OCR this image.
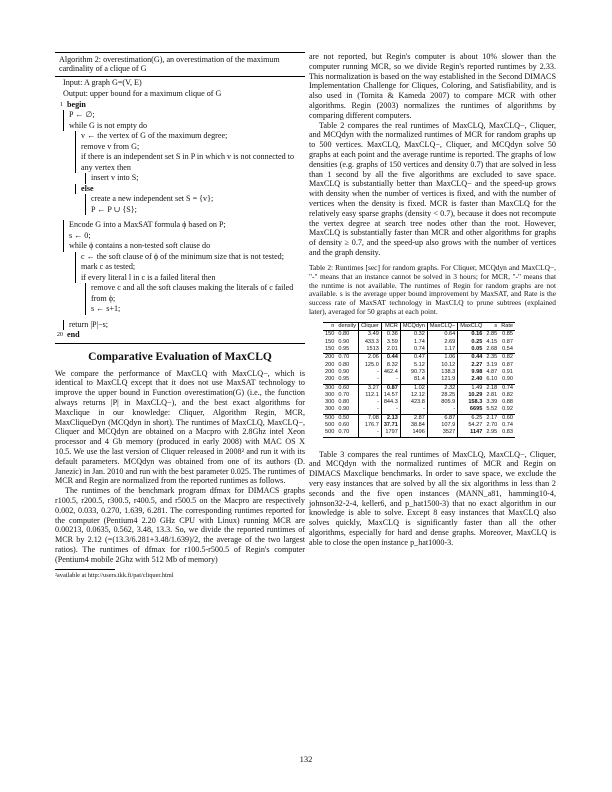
Algorithm 2: overestimation(G), an overestimation of the maximum cardinality of a clique of G
Input: A graph G=(V, E)
Output: upper bound for a maximum clique of G
1 begin
P ← ∅;
while G is not empty do
v ← the vertex of G of the maximum degree;
remove v from G;
if there is an independent set S in P in which v is not connected to any vertex then
insert v into S;
else
create a new independent set S = {v};
P ← P ∪ {S};
Encode G into a MaxSAT formula ϕ based on P;
s ← 0;
while ϕ contains a non-tested soft clause do
c ← the soft clause of ϕ of the minimum size that is not tested;
mark c as tested;
if every literal l in c is a failed literal then
remove c and all the soft clauses making the literals of c failed from ϕ;
s ← s+1;
return |P|−s;
20 end
Comparative Evaluation of MaxCLQ

We compare the performance of MaxCLQ with MaxCLQ−, which is identical to MaxCLQ except that it does not use MaxSAT technology to improve the upper bound in Function overestimation(G) (i.e., the function always returns |P| in MaxCLQ−), and the best exact algorithms for Maxclique in our knowledge: Cliquer, Algorithm Regin, MCR, MaxCliqueDyn (MCQdyn in short). The runtimes of MaxCLQ, MaxCLQ−, Cliquer and MCQdyn are obtained on a Macpro with 2.8Ghz intel Xeon processor and 4 Gb memory (produced in early 2008) with MAC OS X 10.5. We use the last version of Cliquer released in 2008² and run it with its default parameters. MCQdyn was obtained from one of its authors (D. Janezic) in Jan. 2010 and run with the best parameter 0.025. The runtimes of MCR and Regin are normalized from the reported runtimes as follows.

The runtimes of the benchmark program dfmax for DIMACS graphs r100.5, r200.5, r300.5, r400.5, and r500.5 on the Macpro are respectively 0.002, 0.033, 0.270, 1.639, 6.281. The corresponding runtimes reported for the computer (Pentium4 2.20 GHz CPU with Linux) running MCR are 0.00213, 0.0635, 0.562, 3.48, 13.3. So, we divide the reported runtimes of MCR by 2.12 (=(13.3/6.281+3.48/1.639)/2, the average of the two largest ratios). The runtimes of dfmax for r100.5-r500.5 of Regin's computer (Pentium4 mobile 2Ghz with 512 Mb of memory)

²available at http://users.tkk.fi/pat/cliquer.html

are not reported, but Regin's computer is about 10% slower than the computer running MCR, so we divide Regin's reported runtimes by 2.33. This normalization is based on the way established in the Second DIMACS Implementation Challenge for Cliques, Coloring, and Satisfiability, and is also used in (Tomita & Kameda 2007) to compare MCR with other algorithms. Regin (2003) normalizes the runtimes of algorithms by comparing different computers.

Table 2 compares the real runtimes of MaxCLQ, MaxCLQ−, Cliquer, and MCQdyn with the normalized runtimes of MCR for random graphs up to 500 vertices. MaxCLQ, MaxCLQ−, Cliquer, and MCQdyn solve 50 graphs at each point and the average runtime is reported. The graphs of low densities (e.g. graphs of 150 vertices and density 0.7) that are solved in less than 1 second by all the five algorithms are excluded to save space. MaxCLQ is substantially better than MaxCLQ− and the speed-up grows with density when the number of vertices is fixed, and with the number of vertices when the density is fixed. MCR is faster than MaxCLQ for the relatively easy sparse graphs (density < 0.7), because it does not recompute the vertex degree at search tree nodes other than the root. However, MaxCLQ is substantially faster than MCR and other algorithms for graphs of density ≥ 0.7, and the speed-up also grows with the number of vertices and the graph density.

Table 2: Runtimes [sec] for random graphs. For Cliquer, MCQdyn and MaxCLQ−, "-" means that an instance cannot be solved in 3 hours; for MCR, "-" means that the runtime is not available. The runtimes of Regin for random graphs are not available. s is the average upper bound improvement by MaxSAT, and Rate is the success rate of MaxSAT technology in MaxCLQ to prune subtrees (explained later), averaged for 50 graphs at each point.
n	density	Cliquer	MCR	MCQdyn	MaxCLQ−	MaxCLQ	s	Rate
150	0.80	3.49	0.36	0.32	0.64	0.16	2.85	0.85
150	0.90	433.3	3.59	1.74	2.69	0.25	4.15	0.87
150	0.95	1513	2.01	0.74	1.17	0.05	2.68	0.54
200	0.70	2.06	0.44	0.47	1.06	0.44	2.35	0.82
200	0.80	125.0	8.32	5.12	10.12	2.27	3.19	0.87
200	0.90	-	462.4	90.73	138.3	9.98	4.87	0.91
200	0.95	-	-	81.4	121.9	2.40	6.10	0.90
300	0.60	3.27	0.87	1.02	2.32	1.49	2.18	0.74
300	0.70	112.1	14.57	12.12	28.25	10.29	2.81	0.82
300	0.80	-	844.3	423.8	805.9	158.3	3.39	0.88
300	0.90	-	-	-	-	6695	5.52	0.92
500	0.50	7.08	2.13	2.87	6.87	6.25	2.17	0.60
500	0.60	176.7	37.71	38.84	107.9	54.27	2.70	0.74
500	0.70	-	1797	1496	3527	1147	2.95	0.83

Table 3 compares the real runtimes of MaxCLQ, MaxCLQ−, Cliquer, and MCQdyn with the normalized runtimes of MCR and Regin on DIMACS Maxclique benchmarks. In order to save space, we exclude the very easy instances that are solved by all the six algorithms in less than 2 seconds and the five open instances (MANN_a81, hamming10-4, johnson32-2-4, keller6, and p_hat1500-3) that no exact algorithm in our knowledge is able to solve. Except 8 easy instances that MaxCLQ also solves quickly, MaxCLQ is significantly faster than all the other algorithms, especially for hard and dense graphs. Moreover, MaxCLQ is able to close the open instance p_hat1000-3.

132
